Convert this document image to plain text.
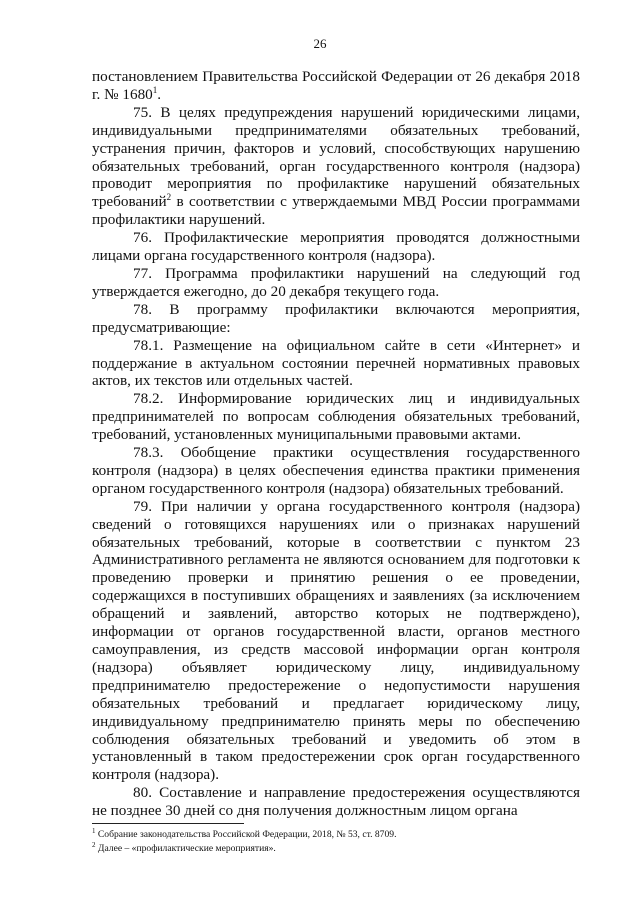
26

постановлением Правительства Российской Федерации от 26 декабря 2018 г. № 1680$^1$.

75. В целях предупреждения нарушений юридическими лицами, индивидуальными предпринимателями обязательных требований, устранения причин, факторов и условий, способствующих нарушению обязательных требований, орган государственного контроля (надзора) проводит мероприятия по профилактике нарушений обязательных требований$^2$ в соответствии с утверждаемыми МВД России программами профилактики нарушений.

76. Профилактические мероприятия проводятся должностными лицами органа государственного контроля (надзора).

77. Программа профилактики нарушений на следующий год утверждается ежегодно, до 20 декабря текущего года.

78. В программу профилактики включаются мероприятия, предусматривающие:

78.1. Размещение на официальном сайте в сети «Интернет» и поддержание в актуальном состоянии перечней нормативных правовых актов, их текстов или отдельных частей.

78.2. Информирование юридических лиц и индивидуальных предпринимателей по вопросам соблюдения обязательных требований, требований, установленных муниципальными правовыми актами.

78.3. Обобщение практики осуществления государственного контроля (надзора) в целях обеспечения единства практики применения органом государственного контроля (надзора) обязательных требований.

79. При наличии у органа государственного контроля (надзора) сведений о готовящихся нарушениях или о признаках нарушений обязательных требований, которые в соответствии с пунктом 23 Административного регламента не являются основанием для подготовки к проведению проверки и принятию решения о ее проведении, содержащихся в поступивших обращениях и заявлениях (за исключением обращений и заявлений, авторство которых не подтверждено), информации от органов государственной власти, органов местного самоуправления, из средств массовой информации орган контроля (надзора) объявляет юридическому лицу, индивидуальному предпринимателю предостережение о недопустимости нарушения обязательных требований и предлагает юридическому лицу, индивидуальному предпринимателю принять меры по обеспечению соблюдения обязательных требований и уведомить об этом в установленный в таком предостережении срок орган государственного контроля (надзора).

80. Составление и направление предостережения осуществляются не позднее 30 дней со дня получения должностным лицом органа

$^1$ Собрание законодательства Российской Федерации, 2018, № 53, ст. 8709.

$^2$ Далее – «профилактические мероприятия».
